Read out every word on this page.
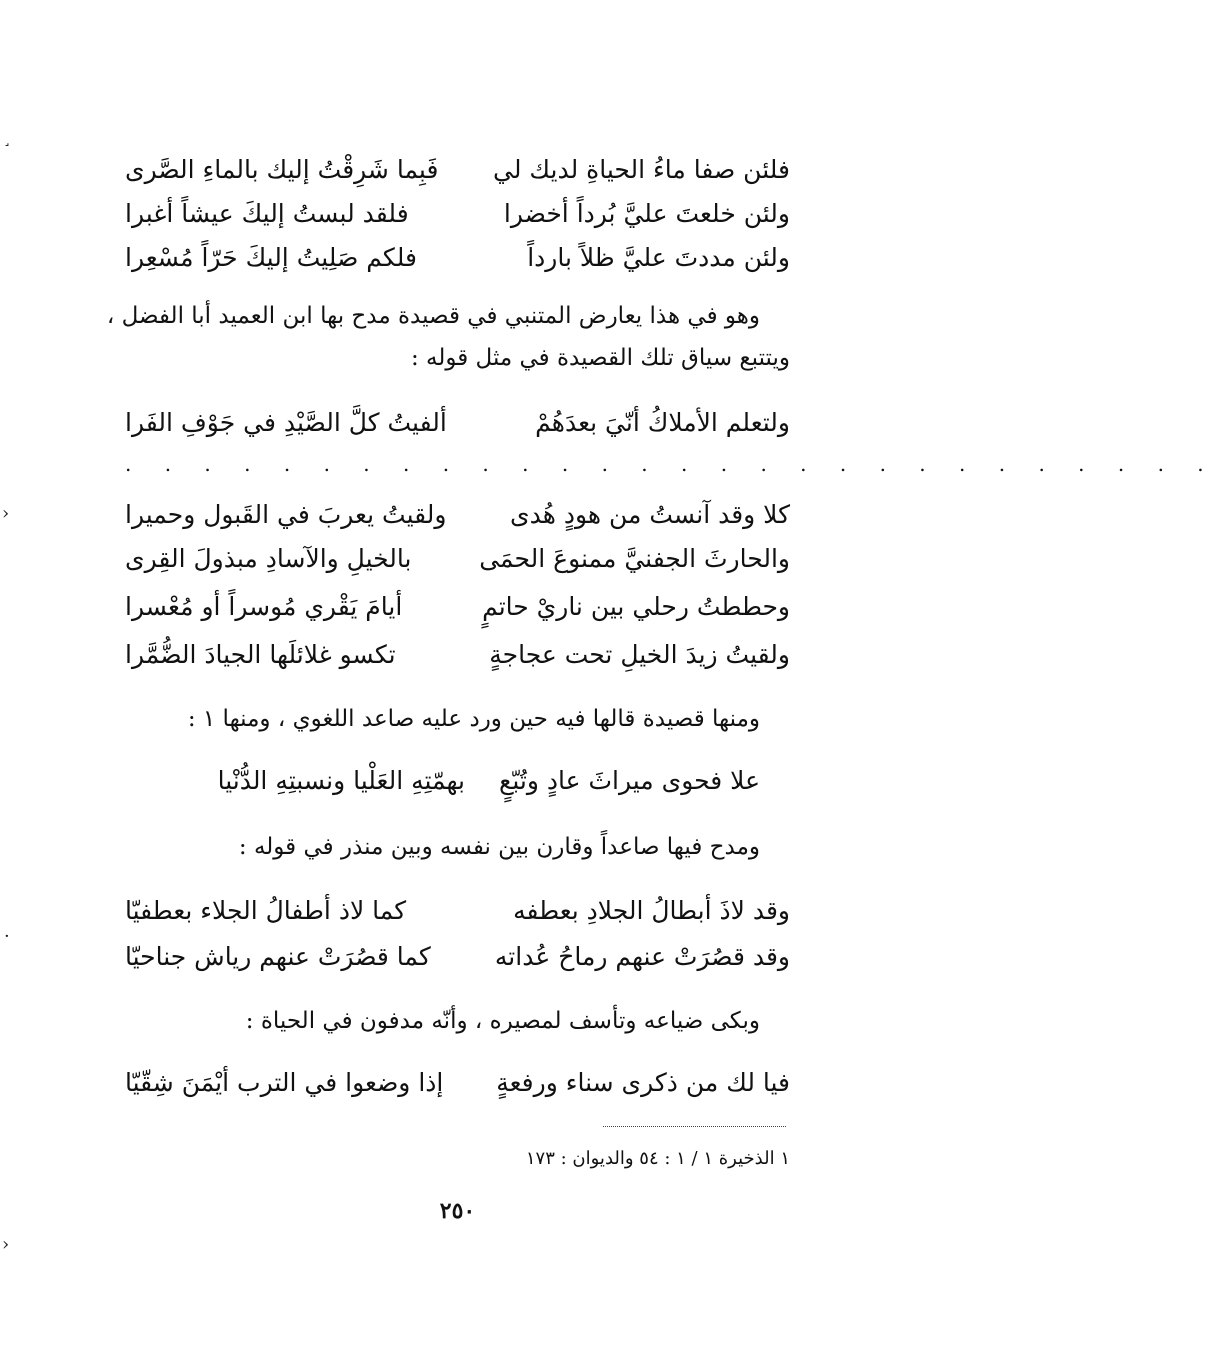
فلئن صفا ماءُ الحياةِ لديك لي
فَبِما شَرِقْتُ إليك بالماءِ الصَّرى
ولئن خلعتَ عليَّ بُرداً أخضرا
فلقد لبستُ إليكَ عيشاً أغبرا
ولئن مددتَ عليَّ ظلاً بارداً
فلكم صَلِيتُ إليكَ حَرّاً مُسْعِرا
وهو في هذا يعارض المتنبي في قصيدة مدح بها ابن العميد أبا الفضل ،
ويتتبع سياق تلك القصيدة في مثل قوله :
ولتعلم الأملاكُ أنّيَ بعدَهُمْ
ألفيتُ كلَّ الصَّيْدِ في جَوْفِ الفَرا
. . . . . . . . . . . . . . . . . . . . . . . . . . . .
كلا وقد آنستُ من هودٍ هُدى
ولقيتُ يعربَ في القَبول وحميرا
والحارثَ الجفنيَّ ممنوعَ الحمَى
بالخيلِ والآسادِ مبذولَ القِرى
وحططتُ رحلي بين ناريْ حاتمٍ
أيامَ يَقْري مُوسراً أو مُعْسرا
ولقيتُ زيدَ الخيلِ تحت عجاجةٍ
تكسو غلائلَها الجيادَ الضُّمَّرا
ومنها قصيدة قالها فيه حين ورد عليه صاعد اللغوي ، ومنها ١ :
علا فحوى ميراثَ عادٍ وتُبّعٍ
بهمّتِهِ العَلْيا ونسبتِهِ الدُّنْيا
ومدح فيها صاعداً وقارن بين نفسه وبين منذر في قوله :
وقد لاذَ أبطالُ الجلادِ بعطفه
كما لاذ أطفالُ الجلاء بعطفيّا
وقد قصُرَتْ عنهم رماحُ عُداته
كما قصُرَتْ عنهم رياش جناحيّا
وبكى ضياعه وتأسف لمصيره ، وأنّه مدفون في الحياة :
فيا لك من ذكرى سناء ورفعةٍ
إذا وضعوا في الترب أيْمَنَ شِقّيّا
١ الذخيرة ١ / ١ : ٥٤ والديوان : ١٧٣
٢٥٠
˼
›
·
›
